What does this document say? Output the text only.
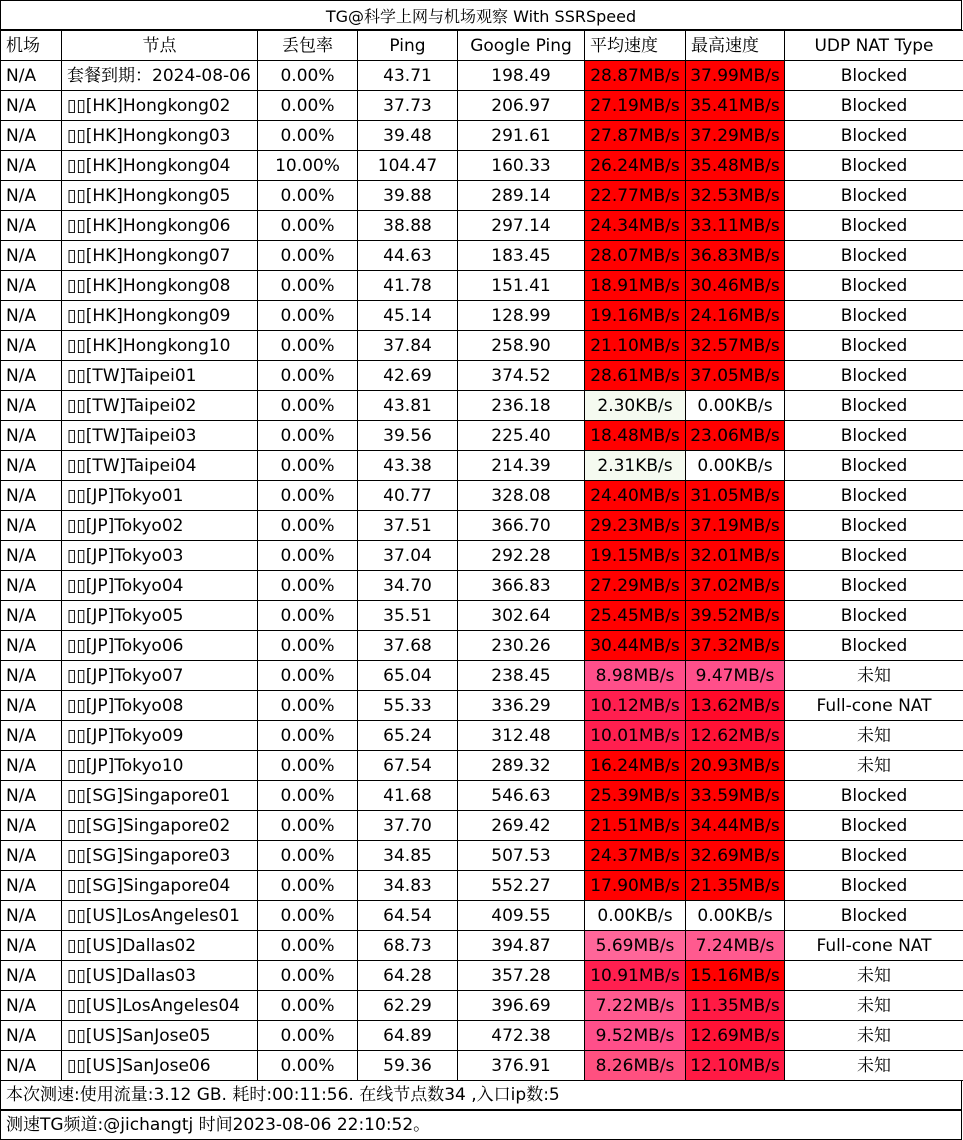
TG@科学上网与机场观察 With SSRSpeed
机场	节点	丢包率	Ping	Google Ping	平均速度	最高速度	UDP NAT Type
N/A	套餐到期：2024-08-06	0.00%	43.71	198.49	28.87MB/s	37.99MB/s	Blocked
N/A	▯▯[HK]Hongkong02	0.00%	37.73	206.97	27.19MB/s	35.41MB/s	Blocked
N/A	▯▯[HK]Hongkong03	0.00%	39.48	291.61	27.87MB/s	37.29MB/s	Blocked
N/A	▯▯[HK]Hongkong04	10.00%	104.47	160.33	26.24MB/s	35.48MB/s	Blocked
N/A	▯▯[HK]Hongkong05	0.00%	39.88	289.14	22.77MB/s	32.53MB/s	Blocked
N/A	▯▯[HK]Hongkong06	0.00%	38.88	297.14	24.34MB/s	33.11MB/s	Blocked
N/A	▯▯[HK]Hongkong07	0.00%	44.63	183.45	28.07MB/s	36.83MB/s	Blocked
N/A	▯▯[HK]Hongkong08	0.00%	41.78	151.41	18.91MB/s	30.46MB/s	Blocked
N/A	▯▯[HK]Hongkong09	0.00%	45.14	128.99	19.16MB/s	24.16MB/s	Blocked
N/A	▯▯[HK]Hongkong10	0.00%	37.84	258.90	21.10MB/s	32.57MB/s	Blocked
N/A	▯▯[TW]Taipei01	0.00%	42.69	374.52	28.61MB/s	37.05MB/s	Blocked
N/A	▯▯[TW]Taipei02	0.00%	43.81	236.18	2.30KB/s	0.00KB/s	Blocked
N/A	▯▯[TW]Taipei03	0.00%	39.56	225.40	18.48MB/s	23.06MB/s	Blocked
N/A	▯▯[TW]Taipei04	0.00%	43.38	214.39	2.31KB/s	0.00KB/s	Blocked
N/A	▯▯[JP]Tokyo01	0.00%	40.77	328.08	24.40MB/s	31.05MB/s	Blocked
N/A	▯▯[JP]Tokyo02	0.00%	37.51	366.70	29.23MB/s	37.19MB/s	Blocked
N/A	▯▯[JP]Tokyo03	0.00%	37.04	292.28	19.15MB/s	32.01MB/s	Blocked
N/A	▯▯[JP]Tokyo04	0.00%	34.70	366.83	27.29MB/s	37.02MB/s	Blocked
N/A	▯▯[JP]Tokyo05	0.00%	35.51	302.64	25.45MB/s	39.52MB/s	Blocked
N/A	▯▯[JP]Tokyo06	0.00%	37.68	230.26	30.44MB/s	37.32MB/s	Blocked
N/A	▯▯[JP]Tokyo07	0.00%	65.04	238.45	8.98MB/s	9.47MB/s	未知
N/A	▯▯[JP]Tokyo08	0.00%	55.33	336.29	10.12MB/s	13.62MB/s	Full-cone NAT
N/A	▯▯[JP]Tokyo09	0.00%	65.24	312.48	10.01MB/s	12.62MB/s	未知
N/A	▯▯[JP]Tokyo10	0.00%	67.54	289.32	16.24MB/s	20.93MB/s	未知
N/A	▯▯[SG]Singapore01	0.00%	41.68	546.63	25.39MB/s	33.59MB/s	Blocked
N/A	▯▯[SG]Singapore02	0.00%	37.70	269.42	21.51MB/s	34.44MB/s	Blocked
N/A	▯▯[SG]Singapore03	0.00%	34.85	507.53	24.37MB/s	32.69MB/s	Blocked
N/A	▯▯[SG]Singapore04	0.00%	34.83	552.27	17.90MB/s	21.35MB/s	Blocked
N/A	▯▯[US]LosAngeles01	0.00%	64.54	409.55	0.00KB/s	0.00KB/s	Blocked
N/A	▯▯[US]Dallas02	0.00%	68.73	394.87	5.69MB/s	7.24MB/s	Full-cone NAT
N/A	▯▯[US]Dallas03	0.00%	64.28	357.28	10.91MB/s	15.16MB/s	未知
N/A	▯▯[US]LosAngeles04	0.00%	62.29	396.69	7.22MB/s	11.35MB/s	未知
N/A	▯▯[US]SanJose05	0.00%	64.89	472.38	9.52MB/s	12.69MB/s	未知
N/A	▯▯[US]SanJose06	0.00%	59.36	376.91	8.26MB/s	12.10MB/s	未知
本次测速:使用流量:3.12 GB. 耗时:00:11:56. 在线节点数34 ,入口ip数:5
测速TG频道:@jichangtj 时间2023-08-06 22:10:52。
